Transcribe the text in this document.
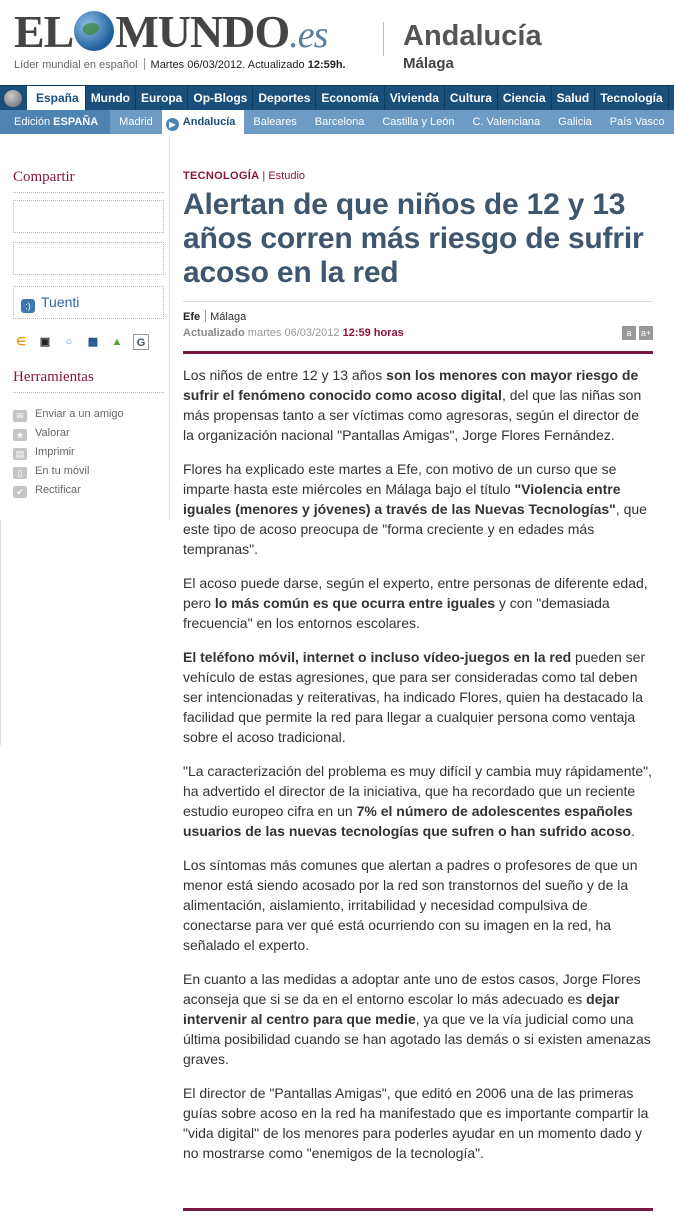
EL MUNDO.es
Líder mundial en español Martes 06/03/2012. Actualizado 12:59h.
Andalucía
Málaga
España	Mundo Europa Op-Blogs Deportes Economía Vivienda Cultura Ciencia Salud Tecnología
Edición ESPAÑA	Madrid	▶ Andalucía	Baleares	Barcelona	Castilla y León	C. Valenciana	Galicia	País Vasco
Compartir
:) Tuenti
∈ ▣	○	▩ ▲	G
Herramientas
✉ Enviar a un amigo
★ Valorar
▤ Imprimir
▯ En tu móvil
✔ Rectificar
TECNOLOGÍA | Estudio
Alertan de que niños de 12 y 13 años corren más riesgo de sufrir acoso en la red
Efe Málaga
Actualizado martes 06/03/2012 12:59 horas	a	a+

Los niños de entre 12 y 13 años son los menores con mayor riesgo de sufrir el fenómeno conocido como acoso digital, del que las niñas son más propensas tanto a ser víctimas como agresoras, según el director de la organización nacional "Pantallas Amigas", Jorge Flores Fernández.

Flores ha explicado este martes a Efe, con motivo de un curso que se imparte hasta este miércoles en Málaga bajo el título "Violencia entre iguales (menores y jóvenes) a través de las Nuevas Tecnologías", que este tipo de acoso preocupa de "forma creciente y en edades más tempranas".

El acoso puede darse, según el experto, entre personas de diferente edad, pero lo más común es que ocurra entre iguales y con "demasiada frecuencia" en los entornos escolares.

El teléfono móvil, internet o incluso vídeo-juegos en la red pueden ser vehículo de estas agresiones, que para ser consideradas como tal deben ser intencionadas y reiterativas, ha indicado Flores, quien ha destacado la facilidad que permite la red para llegar a cualquier persona como ventaja sobre el acoso tradicional.

"La caracterización del problema es muy difícil y cambia muy rápidamente", ha advertido el director de la iniciativa, que ha recordado que un reciente estudio europeo cifra en un 7% el número de adolescentes españoles usuarios de las nuevas tecnologías que sufren o han sufrido acoso.

Los síntomas más comunes que alertan a padres o profesores de que un menor está siendo acosado por la red son transtornos del sueño y de la alimentación, aislamiento, irritabilidad y necesidad compulsiva de conectarse para ver qué está ocurriendo con su imagen en la red, ha señalado el experto.

En cuanto a las medidas a adoptar ante uno de estos casos, Jorge Flores aconseja que si se da en el entorno escolar lo más adecuado es dejar intervenir al centro para que medie, ya que ve la vía judicial como una última posibilidad cuando se han agotado las demás o si existen amenazas graves.

El director de "Pantallas Amigas", que editó en 2006 una de las primeras guías sobre acoso en la red ha manifestado que es importante compartir la "vida digital" de los menores para poderles ayudar en un momento dado y no mostrarse como "enemigos de la tecnología".
